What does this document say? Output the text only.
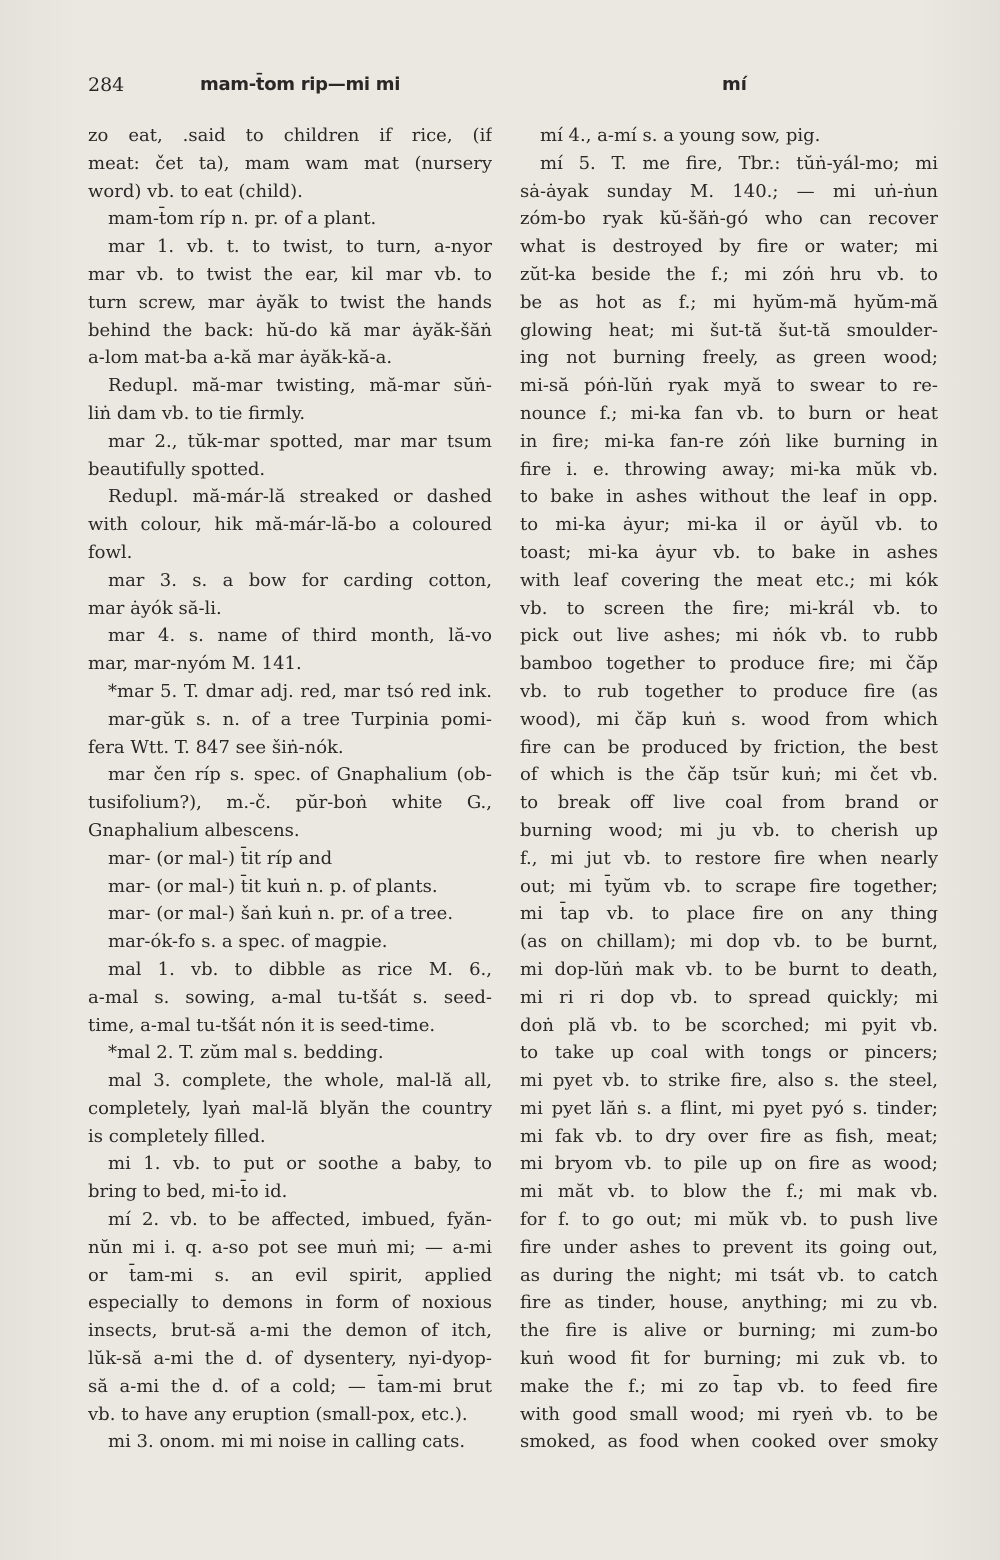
284	mam-t̄om rip—mi mi	mí
zo eat, .said to children if rice, (if
meat: čet ta), mam wam mat (nursery
word) vb. to eat (child).
mam-t̄om ríp n. pr. of a plant.
mar 1. vb. t. to twist, to turn, a-nyor
mar vb. to twist the ear, kil mar vb. to
turn screw, mar ȧyăk to twist the hands
behind the back: hŭ-do kă mar ȧyăk-šăṅ
a-lom mat-ba a-kă mar ȧyăk-kă-a.
Redupl. mă-mar twisting, mă-mar sŭṅ-
liṅ dam vb. to tie firmly.
mar 2., tŭk-mar spotted, mar mar tsum
beautifully spotted.
Redupl. mă-már-lă streaked or dashed
with colour, hik mă-már-lă-bo a coloured
fowl.
mar 3. s. a bow for carding cotton,
mar ȧyók să-li.
mar 4. s. name of third month, lă-vo
mar, mar-nyóm M. 141.
*mar 5. T. dmar adj. red, mar tsó red ink.
mar-gŭk s. n. of a tree Turpinia pomi-
fera Wtt. T. 847 see šiṅ-nók.
mar čen ríp s. spec. of Gnaphalium (ob-
tusifolium?), m.-č. pŭr-boṅ white G.,
Gnaphalium albescens.
mar- (or mal-) t̄it ríp and
mar- (or mal-) t̄it kuṅ n. p. of plants.
mar- (or mal-) šaṅ kuṅ n. pr. of a tree.
mar-ók-fo s. a spec. of magpie.
mal 1. vb. to dibble as rice M. 6.,
a-mal s. sowing, a-mal tu-tšát s. seed-
time, a-mal tu-tšát nón it is seed-time.
*mal 2. T. zŭm mal s. bedding.
mal 3. complete, the whole, mal-lă all,
completely, lyaṅ mal-lă blyăn the country
is completely filled.
mi 1. vb. to put or soothe a baby, to
bring to bed, mi-t̄o id.
mí 2. vb. to be affected, imbued, fyăn-
nŭn mi i. q. a-so pot see muṅ mi; — a-mi
or t̄am-mi s. an evil spirit, applied
especially to demons in form of noxious
insects, brut-să a-mi the demon of itch,
lŭk-să a-mi the d. of dysentery, nyi-dyop-
să a-mi the d. of a cold; — t̄am-mi brut
vb. to have any eruption (small-pox, etc.).
mi 3. onom. mi mi noise in calling cats.
mí 4., a-mí s. a young sow, pig.
mí 5. T. me fire, Tbr.: tŭṅ-yál-mo; mi
sȧ-ȧyak sunday M. 140.; — mi uṅ-ṅun
zóm-bo ryak kŭ-šăṅ-gó who can recover
what is destroyed by fire or water; mi
zŭt-ka beside the f.; mi zóṅ hru vb. to
be as hot as f.; mi hyŭm-mă hyŭm-mă
glowing heat; mi šut-tă šut-tă smoulder-
ing not burning freely, as green wood;
mi-să póṅ-lŭṅ ryak myă to swear to re-
nounce f.; mi-ka fan vb. to burn or heat
in fire; mi-ka fan-re zóṅ like burning in
fire i. e. throwing away; mi-ka mŭk vb.
to bake in ashes without the leaf in opp.
to mi-ka ȧyur; mi-ka il or ȧyŭl vb. to
toast; mi-ka ȧyur vb. to bake in ashes
with leaf covering the meat etc.; mi kók
vb. to screen the fire; mi-král vb. to
pick out live ashes; mi ṅók vb. to rubb
bamboo together to produce fire; mi čăp
vb. to rub together to produce fire (as
wood), mi čăp kuṅ s. wood from which
fire can be produced by friction, the best
of which is the čăp tsŭr kuṅ; mi čet vb.
to break off live coal from brand or
burning wood; mi ju vb. to cherish up
f., mi jut vb. to restore fire when nearly
out; mi t̄yŭm vb. to scrape fire together;
mi t̄ap vb. to place fire on any thing
(as on chillam); mi dop vb. to be burnt,
mi dop-lŭṅ mak vb. to be burnt to death,
mi ri ri dop vb. to spread quickly; mi
doṅ plă vb. to be scorched; mi pyit vb.
to take up coal with tongs or pincers;
mi pyet vb. to strike fire, also s. the steel,
mi pyet lăṅ s. a flint, mi pyet pyó s. tinder;
mi fak vb. to dry over fire as fish, meat;
mi bryom vb. to pile up on fire as wood;
mi măt vb. to blow the f.; mi mak vb.
for f. to go out; mi mŭk vb. to push live
fire under ashes to prevent its going out,
as during the night; mi tsát vb. to catch
fire as tinder, house, anything; mi zu vb.
the fire is alive or burning; mi zum-bo
kuṅ wood fit for burning; mi zuk vb. to
make the f.; mi zo t̄ap vb. to feed fire
with good small wood; mi ryeṅ vb. to be
smoked, as food when cooked over smoky
